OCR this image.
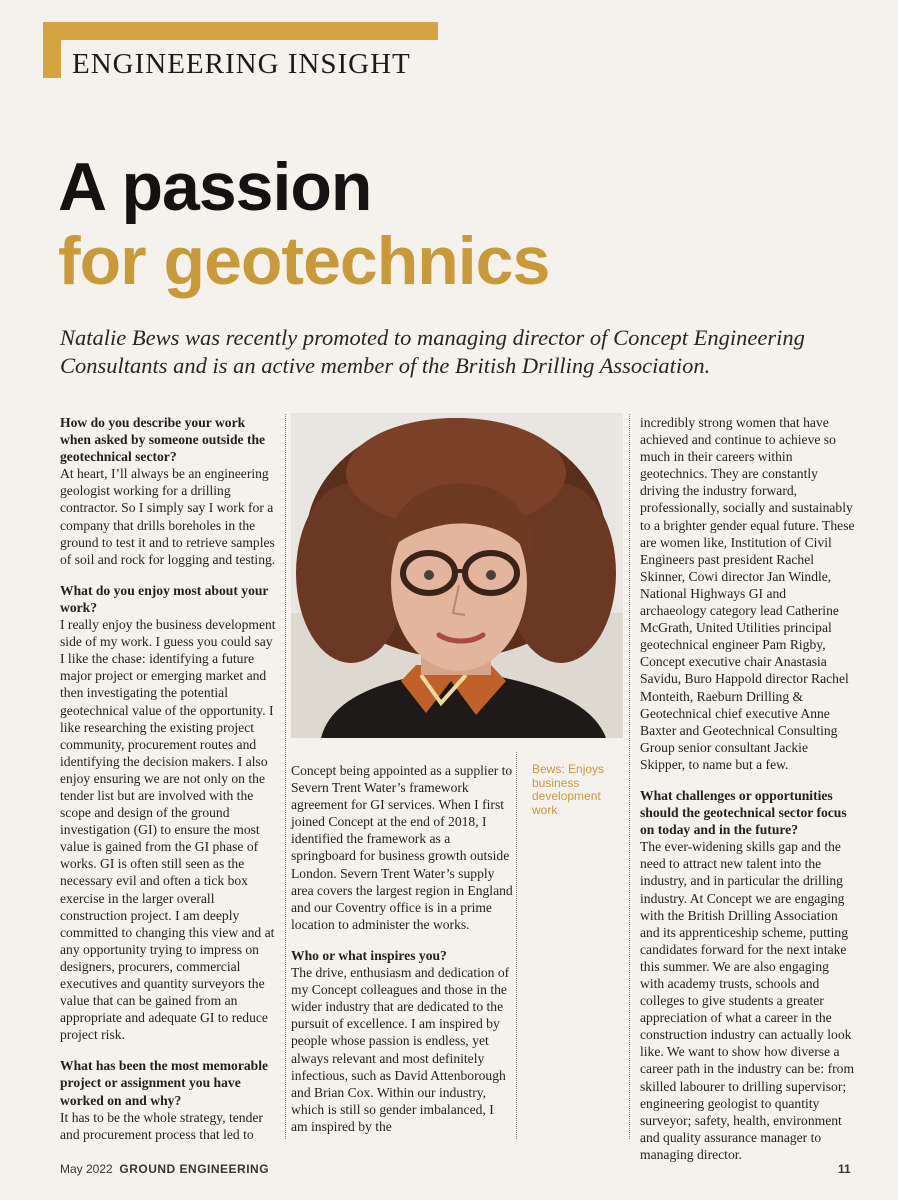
ENGINEERING INSIGHT
A passion
for geotechnics
Natalie Bews was recently promoted to managing director of Concept Engineering Consultants and is an active member of the British Drilling Association.

How do you describe your work when asked by someone outside the geotechnical sector?

At heart, I’ll always be an engineering geologist working for a drilling contractor. So I simply say I work for a company that drills boreholes in the ground to test it and to retrieve samples of soil and rock for logging and testing.

What do you enjoy most about your work?

I really enjoy the business development side of my work. I guess you could say I like the chase: identifying a future major project or emerging market and then investigating the potential geotechnical value of the opportunity. I like researching the existing project community, procurement routes and identifying the decision makers. I also enjoy ensuring we are not only on the tender list but are involved with the scope and design of the ground investigation (GI) to ensure the most value is gained from the GI phase of works. GI is often still seen as the necessary evil and often a tick box exercise in the larger overall construction project. I am deeply committed to changing this view and at any opportunity trying to impress on designers, procurers, commercial executives and quantity surveyors the value that can be gained from an appropriate and adequate GI to reduce project risk.

What has been the most memorable project or assignment you have worked on and why?

It has to be the whole strategy, tender and procurement process that led to

Bews: Enjoys business development work

Concept being appointed as a supplier to Severn Trent Water’s framework agreement for GI services. When I first joined Concept at the end of 2018, I identified the framework as a springboard for business growth outside London. Severn Trent Water’s supply area covers the largest region in England and our Coventry office is in a prime location to administer the works.

Who or what inspires you?

The drive, enthusiasm and dedication of my Concept colleagues and those in the wider industry that are dedicated to the pursuit of excellence. I am inspired by people whose passion is endless, yet always relevant and most definitely infectious, such as David Attenborough and Brian Cox. Within our industry, which is still so gender imbalanced, I am inspired by the

incredibly strong women that have achieved and continue to achieve so much in their careers within geotechnics. They are constantly driving the industry forward, professionally, socially and sustainably to a brighter gender equal future. These are women like, Institution of Civil Engineers past president Rachel Skinner, Cowi director Jan Windle, National Highways GI and archaeology category lead Catherine McGrath, United Utilities principal geotechnical engineer Pam Rigby, Concept executive chair Anastasia Savidu, Buro Happold director Rachel Monteith, Raeburn Drilling & Geotechnical chief executive Anne Baxter and Geotechnical Consulting Group senior consultant Jackie Skipper, to name but a few.

What challenges or opportunities should the geotechnical sector focus on today and in the future?

The ever-widening skills gap and the need to attract new talent into the industry, and in particular the drilling industry. At Concept we are engaging with the British Drilling Association and its apprenticeship scheme, putting candidates forward for the next intake this summer. We are also engaging with academy trusts, schools and colleges to give students a greater appreciation of what a career in the construction industry can actually look like. We want to show how diverse a career path in the industry can be: from skilled labourer to drilling supervisor; engineering geologist to quantity surveyor; safety, health, environment and quality assurance manager to managing director.

May 2022 GROUND ENGINEERING	11
